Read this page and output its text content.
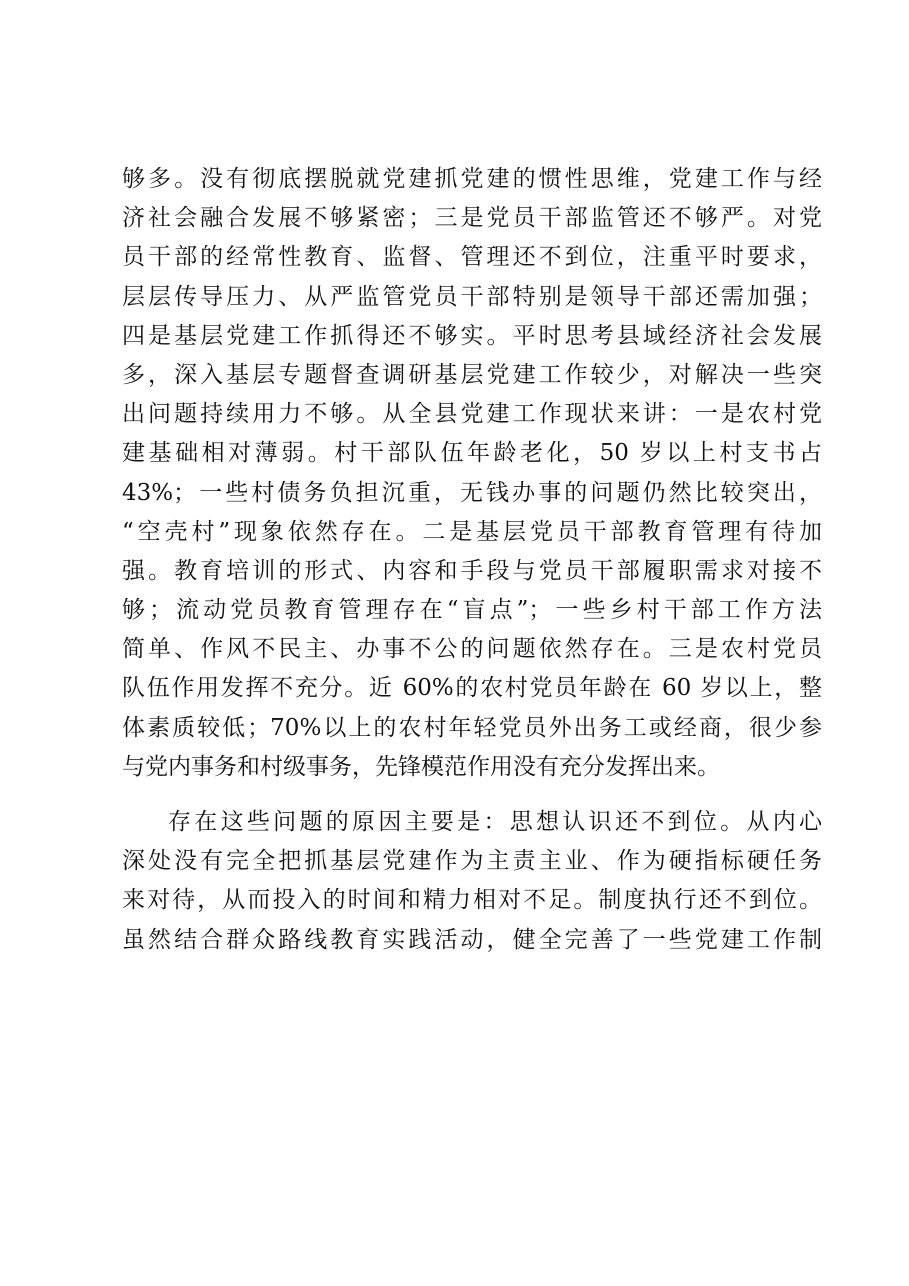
够多。没有彻底摆脱就党建抓党建的惯性思维，党建工作与经
济社会融合发展不够紧密；三是党员干部监管还不够严。对党
员干部的经常性教育、监督、管理还不到位，注重平时要求，
层层传导压力、从严监管党员干部特别是领导干部还需加强；
四是基层党建工作抓得还不够实。平时思考县域经济社会发展
多，深入基层专题督查调研基层党建工作较少，对解决一些突
出问题持续用力不够。从全县党建工作现状来讲：一是农村党
建基础相对薄弱。村干部队伍年龄老化，50 岁以上村支书占
43%；一些村债务负担沉重，无钱办事的问题仍然比较突出，
“空壳村”现象依然存在。二是基层党员干部教育管理有待加
强。教育培训的形式、内容和手段与党员干部履职需求对接不
够；流动党员教育管理存在“盲点”；一些乡村干部工作方法
简单、作风不民主、办事不公的问题依然存在。三是农村党员
队伍作用发挥不充分。近 60%的农村党员年龄在 60 岁以上，整
体素质较低；70%以上的农村年轻党员外出务工或经商，很少参
与党内事务和村级事务，先锋模范作用没有充分发挥出来。
存在这些问题的原因主要是：思想认识还不到位。从内心
深处没有完全把抓基层党建作为主责主业、作为硬指标硬任务
来对待，从而投入的时间和精力相对不足。制度执行还不到位。
虽然结合群众路线教育实践活动，健全完善了一些党建工作制
